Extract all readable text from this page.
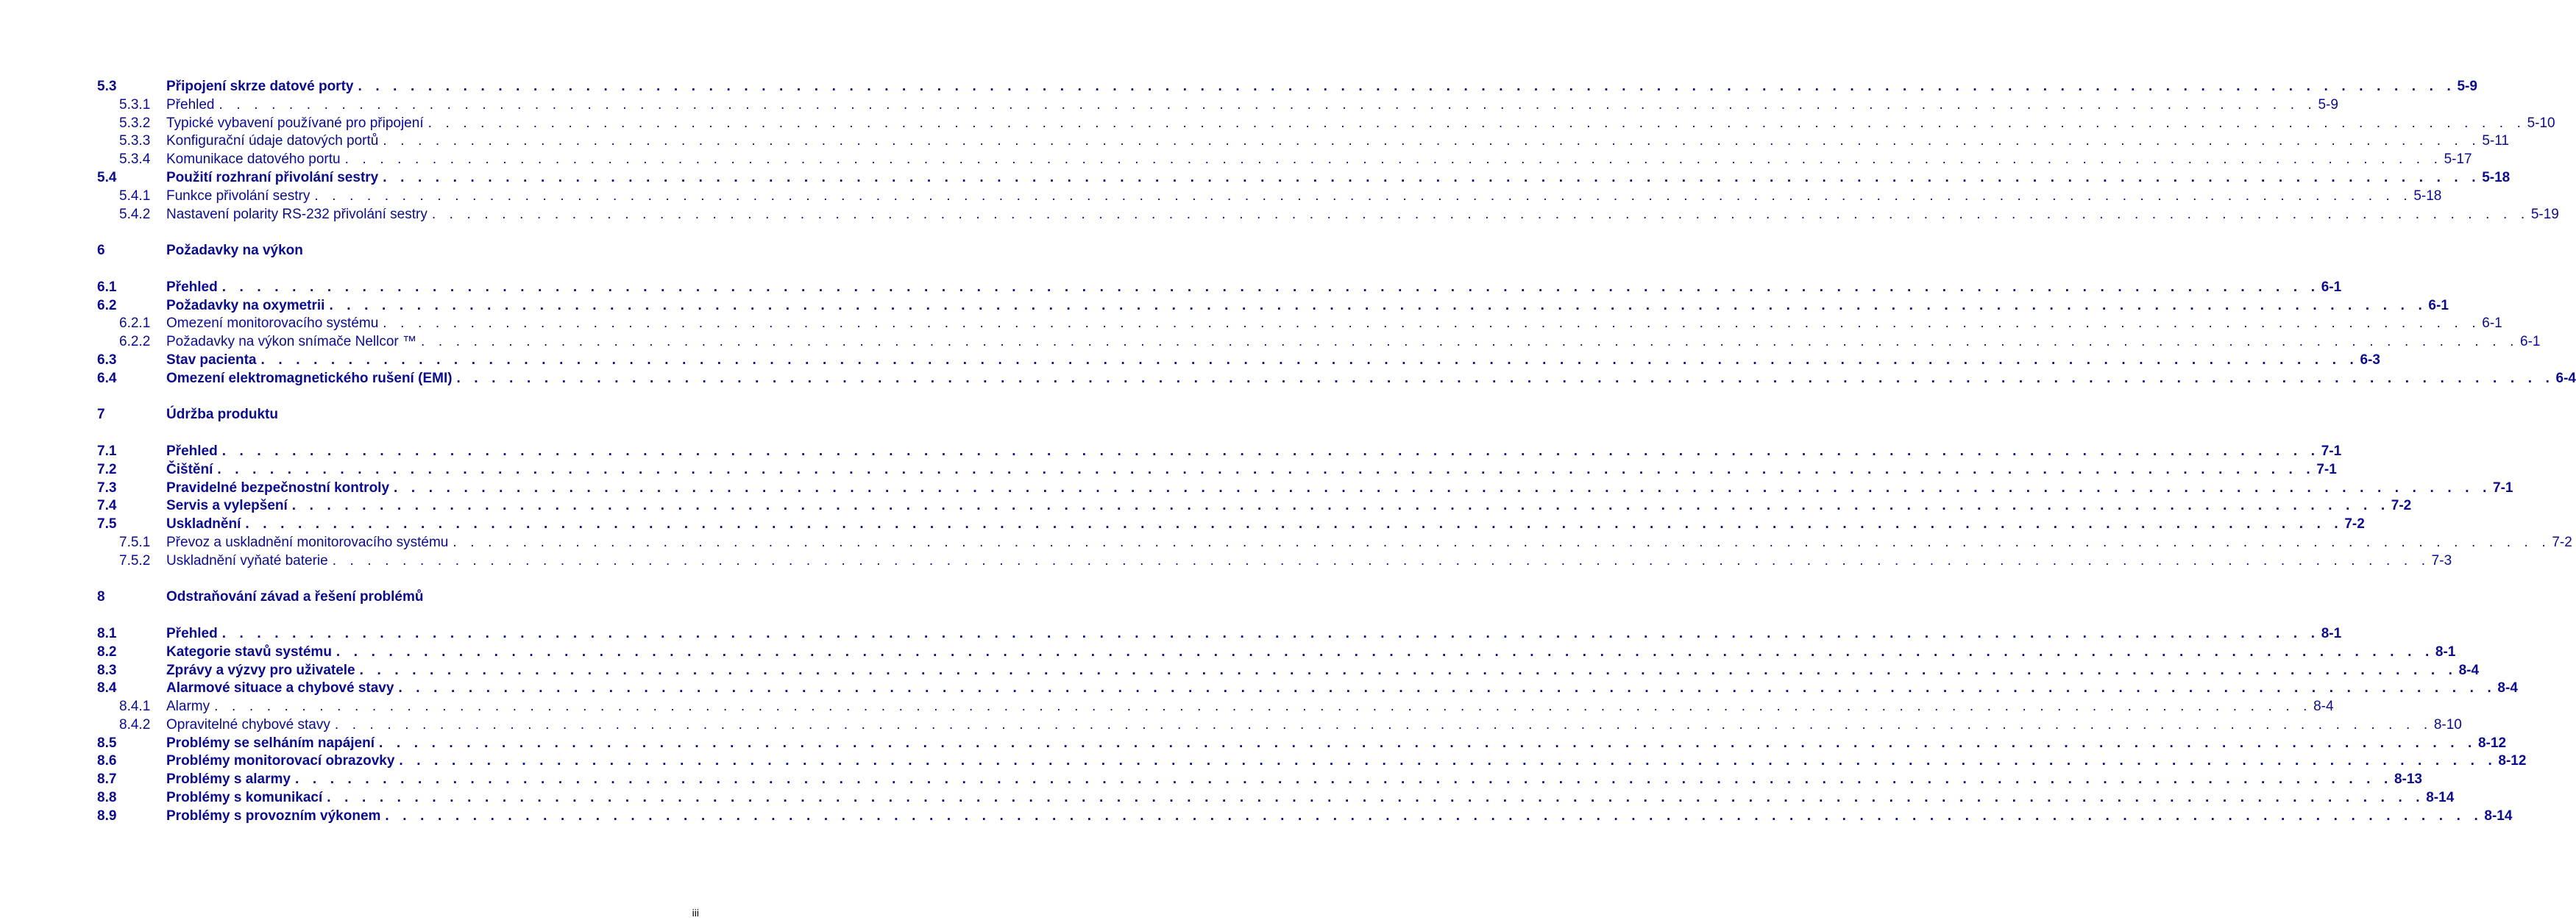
5.3	Připojení skrze datové porty . . . . . . . . . . . . . . . . . . . . . . . . . . . . . . . . . . . . . . . . . . . . . . . . . . . . . . . . . . . . . . . . . . . . . . . . . . . . . . . . . . . . . . . . . . . . . . . . . . . . . . . . . . . . . . . . . . . . . . . . 5-9
5.3.1	Přehled . . . . . . . . . . . . . . . . . . . . . . . . . . . . . . . . . . . . . . . . . . . . . . . . . . . . . . . . . . . . . . . . . . . . . . . . . . . . . . . . . . . . . . . . . . . . . . . . . . . . . . . . . . . . . . . . . . . . . . . . 5-9
5.3.2	Typické vybavení používané pro připojení . . . . . . . . . . . . . . . . . . . . . . . . . . . . . . . . . . . . . . . . . . . . . . . . . . . . . . . . . . . . . . . . . . . . . . . . . . . . . . . . . . . . . . . . . . . . . . . . . . . . . . . . . . . . . . . . . . . . . . . . 5-10
5.3.3	Konfigurační údaje datových portů . . . . . . . . . . . . . . . . . . . . . . . . . . . . . . . . . . . . . . . . . . . . . . . . . . . . . . . . . . . . . . . . . . . . . . . . . . . . . . . . . . . . . . . . . . . . . . . . . . . . . . . . . . . . . . . . . . . . . . . . 5-11
5.3.4	Komunikace datového portu . . . . . . . . . . . . . . . . . . . . . . . . . . . . . . . . . . . . . . . . . . . . . . . . . . . . . . . . . . . . . . . . . . . . . . . . . . . . . . . . . . . . . . . . . . . . . . . . . . . . . . . . . . . . . . . . . . . . . . . . 5-17
5.4	Použití rozhraní přivolání sestry . . . . . . . . . . . . . . . . . . . . . . . . . . . . . . . . . . . . . . . . . . . . . . . . . . . . . . . . . . . . . . . . . . . . . . . . . . . . . . . . . . . . . . . . . . . . . . . . . . . . . . . . . . . . . . . . . . . . . . . . 5-18
5.4.1	Funkce přivolání sestry . . . . . . . . . . . . . . . . . . . . . . . . . . . . . . . . . . . . . . . . . . . . . . . . . . . . . . . . . . . . . . . . . . . . . . . . . . . . . . . . . . . . . . . . . . . . . . . . . . . . . . . . . . . . . . . . . . . . . . . . 5-18
5.4.2	Nastavení polarity RS-232 přivolání sestry . . . . . . . . . . . . . . . . . . . . . . . . . . . . . . . . . . . . . . . . . . . . . . . . . . . . . . . . . . . . . . . . . . . . . . . . . . . . . . . . . . . . . . . . . . . . . . . . . . . . . . . . . . . . . . . . . . . . . . . . 5-19
6	Požadavky na výkon
6.1	Přehled . . . . . . . . . . . . . . . . . . . . . . . . . . . . . . . . . . . . . . . . . . . . . . . . . . . . . . . . . . . . . . . . . . . . . . . . . . . . . . . . . . . . . . . . . . . . . . . . . . . . . . . . . . . . . . . . . . . . . . . . 6-1
6.2	Požadavky na oxymetrii . . . . . . . . . . . . . . . . . . . . . . . . . . . . . . . . . . . . . . . . . . . . . . . . . . . . . . . . . . . . . . . . . . . . . . . . . . . . . . . . . . . . . . . . . . . . . . . . . . . . . . . . . . . . . . . . . . . . . . . . 6-1
6.2.1	Omezení monitorovacího systému . . . . . . . . . . . . . . . . . . . . . . . . . . . . . . . . . . . . . . . . . . . . . . . . . . . . . . . . . . . . . . . . . . . . . . . . . . . . . . . . . . . . . . . . . . . . . . . . . . . . . . . . . . . . . . . . . . . . . . . . 6-1
6.2.2	Požadavky na výkon snímače Nellcor ™ . . . . . . . . . . . . . . . . . . . . . . . . . . . . . . . . . . . . . . . . . . . . . . . . . . . . . . . . . . . . . . . . . . . . . . . . . . . . . . . . . . . . . . . . . . . . . . . . . . . . . . . . . . . . . . . . . . . . . . . . 6-1
6.3	Stav pacienta . . . . . . . . . . . . . . . . . . . . . . . . . . . . . . . . . . . . . . . . . . . . . . . . . . . . . . . . . . . . . . . . . . . . . . . . . . . . . . . . . . . . . . . . . . . . . . . . . . . . . . . . . . . . . . . . . . . . . . . . 6-3
6.4	Omezení elektromagnetického rušení (EMI) . . . . . . . . . . . . . . . . . . . . . . . . . . . . . . . . . . . . . . . . . . . . . . . . . . . . . . . . . . . . . . . . . . . . . . . . . . . . . . . . . . . . . . . . . . . . . . . . . . . . . . . . . . . . . . . . . . . . . . . . 6-4
7	Údržba produktu
7.1	Přehled . . . . . . . . . . . . . . . . . . . . . . . . . . . . . . . . . . . . . . . . . . . . . . . . . . . . . . . . . . . . . . . . . . . . . . . . . . . . . . . . . . . . . . . . . . . . . . . . . . . . . . . . . . . . . . . . . . . . . . . . 7-1
7.2	Čištění . . . . . . . . . . . . . . . . . . . . . . . . . . . . . . . . . . . . . . . . . . . . . . . . . . . . . . . . . . . . . . . . . . . . . . . . . . . . . . . . . . . . . . . . . . . . . . . . . . . . . . . . . . . . . . . . . . . . . . . . 7-1
7.3	Pravidelné bezpečnostní kontroly . . . . . . . . . . . . . . . . . . . . . . . . . . . . . . . . . . . . . . . . . . . . . . . . . . . . . . . . . . . . . . . . . . . . . . . . . . . . . . . . . . . . . . . . . . . . . . . . . . . . . . . . . . . . . . . . . . . . . . . . 7-1
7.4	Servis a vylepšení . . . . . . . . . . . . . . . . . . . . . . . . . . . . . . . . . . . . . . . . . . . . . . . . . . . . . . . . . . . . . . . . . . . . . . . . . . . . . . . . . . . . . . . . . . . . . . . . . . . . . . . . . . . . . . . . . . . . . . . . 7-2
7.5	Uskladnění . . . . . . . . . . . . . . . . . . . . . . . . . . . . . . . . . . . . . . . . . . . . . . . . . . . . . . . . . . . . . . . . . . . . . . . . . . . . . . . . . . . . . . . . . . . . . . . . . . . . . . . . . . . . . . . . . . . . . . . . 7-2
7.5.1	Převoz a uskladnění monitorovacího systému . . . . . . . . . . . . . . . . . . . . . . . . . . . . . . . . . . . . . . . . . . . . . . . . . . . . . . . . . . . . . . . . . . . . . . . . . . . . . . . . . . . . . . . . . . . . . . . . . . . . . . . . . . . . . . . . . . . . . . . . 7-2
7.5.2	Uskladnění vyňaté baterie . . . . . . . . . . . . . . . . . . . . . . . . . . . . . . . . . . . . . . . . . . . . . . . . . . . . . . . . . . . . . . . . . . . . . . . . . . . . . . . . . . . . . . . . . . . . . . . . . . . . . . . . . . . . . . . . . . . . . . . . 7-3
8	Odstraňování závad a řešení problémů
8.1	Přehled . . . . . . . . . . . . . . . . . . . . . . . . . . . . . . . . . . . . . . . . . . . . . . . . . . . . . . . . . . . . . . . . . . . . . . . . . . . . . . . . . . . . . . . . . . . . . . . . . . . . . . . . . . . . . . . . . . . . . . . . 8-1
8.2	Kategorie stavů systému . . . . . . . . . . . . . . . . . . . . . . . . . . . . . . . . . . . . . . . . . . . . . . . . . . . . . . . . . . . . . . . . . . . . . . . . . . . . . . . . . . . . . . . . . . . . . . . . . . . . . . . . . . . . . . . . . . . . . . . . 8-1
8.3	Zprávy a výzvy pro uživatele . . . . . . . . . . . . . . . . . . . . . . . . . . . . . . . . . . . . . . . . . . . . . . . . . . . . . . . . . . . . . . . . . . . . . . . . . . . . . . . . . . . . . . . . . . . . . . . . . . . . . . . . . . . . . . . . . . . . . . . . 8-4
8.4	Alarmové situace a chybové stavy . . . . . . . . . . . . . . . . . . . . . . . . . . . . . . . . . . . . . . . . . . . . . . . . . . . . . . . . . . . . . . . . . . . . . . . . . . . . . . . . . . . . . . . . . . . . . . . . . . . . . . . . . . . . . . . . . . . . . . . . 8-4
8.4.1	Alarmy . . . . . . . . . . . . . . . . . . . . . . . . . . . . . . . . . . . . . . . . . . . . . . . . . . . . . . . . . . . . . . . . . . . . . . . . . . . . . . . . . . . . . . . . . . . . . . . . . . . . . . . . . . . . . . . . . . . . . . . . 8-4
8.4.2	Opravitelné chybové stavy . . . . . . . . . . . . . . . . . . . . . . . . . . . . . . . . . . . . . . . . . . . . . . . . . . . . . . . . . . . . . . . . . . . . . . . . . . . . . . . . . . . . . . . . . . . . . . . . . . . . . . . . . . . . . . . . . . . . . . . . 8-10
8.5	Problémy se selháním napájení . . . . . . . . . . . . . . . . . . . . . . . . . . . . . . . . . . . . . . . . . . . . . . . . . . . . . . . . . . . . . . . . . . . . . . . . . . . . . . . . . . . . . . . . . . . . . . . . . . . . . . . . . . . . . . . . . . . . . . . . 8-12
8.6	Problémy monitorovací obrazovky . . . . . . . . . . . . . . . . . . . . . . . . . . . . . . . . . . . . . . . . . . . . . . . . . . . . . . . . . . . . . . . . . . . . . . . . . . . . . . . . . . . . . . . . . . . . . . . . . . . . . . . . . . . . . . . . . . . . . . . . 8-12
8.7	Problémy s alarmy . . . . . . . . . . . . . . . . . . . . . . . . . . . . . . . . . . . . . . . . . . . . . . . . . . . . . . . . . . . . . . . . . . . . . . . . . . . . . . . . . . . . . . . . . . . . . . . . . . . . . . . . . . . . . . . . . . . . . . . . 8-13
8.8	Problémy s komunikací . . . . . . . . . . . . . . . . . . . . . . . . . . . . . . . . . . . . . . . . . . . . . . . . . . . . . . . . . . . . . . . . . . . . . . . . . . . . . . . . . . . . . . . . . . . . . . . . . . . . . . . . . . . . . . . . . . . . . . . . 8-14
8.9	Problémy s provozním výkonem . . . . . . . . . . . . . . . . . . . . . . . . . . . . . . . . . . . . . . . . . . . . . . . . . . . . . . . . . . . . . . . . . . . . . . . . . . . . . . . . . . . . . . . . . . . . . . . . . . . . . . . . . . . . . . . . . . . . . . . . 8-14
iii
